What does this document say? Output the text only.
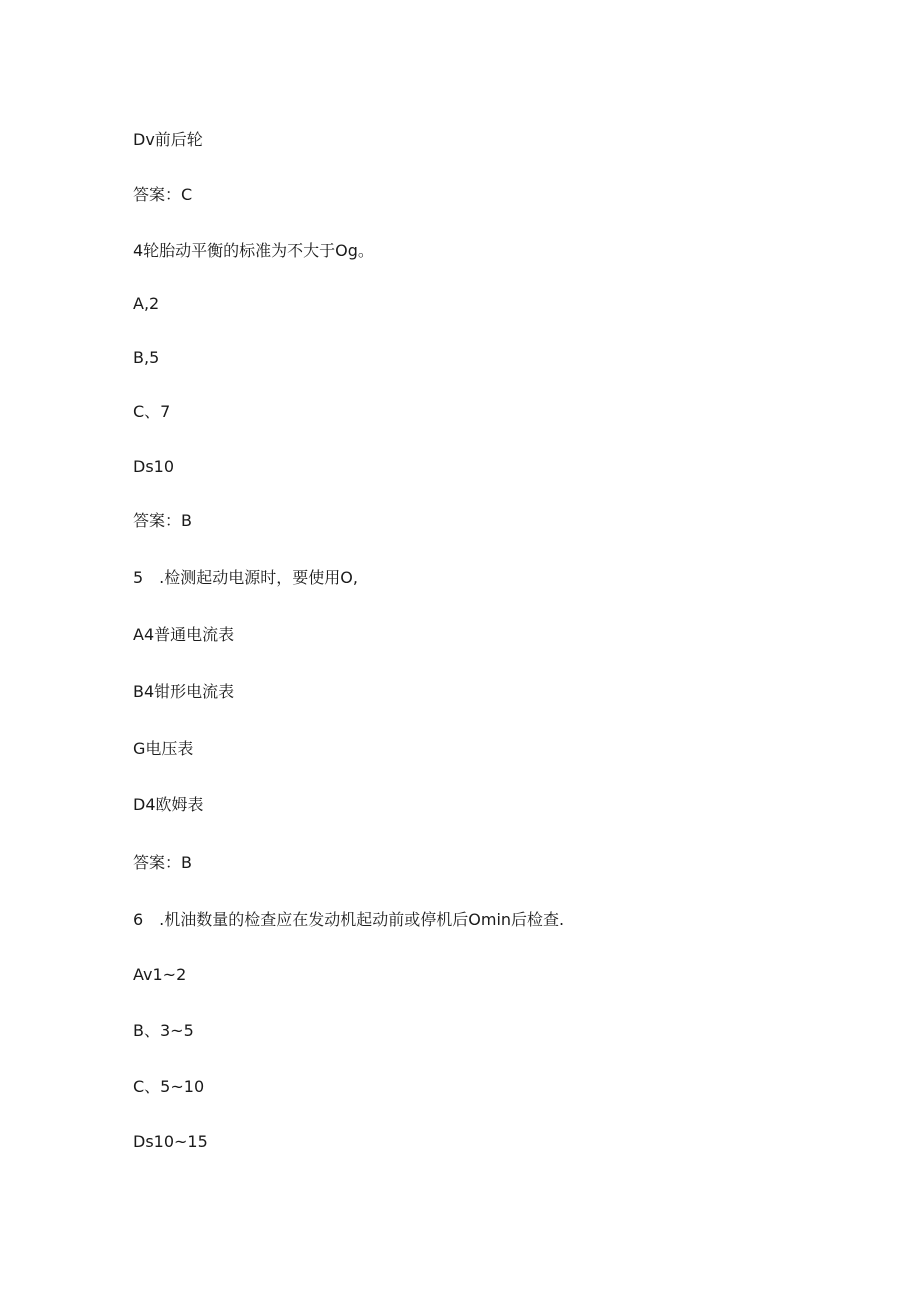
Dv前后轮
答案：C
4轮胎动平衡的标准为不大于Og。
A,2
B,5
C、7
Ds10
答案：B
5　.检测起动电源时，要使用O,
A4普通电流表
B4钳形电流表
G电压表
D4欧姆表
答案：B
6　.机油数量的检查应在发动机起动前或停机后Omin后检查.
Av1~2
B、3~5
C、5~10
Ds10~15
